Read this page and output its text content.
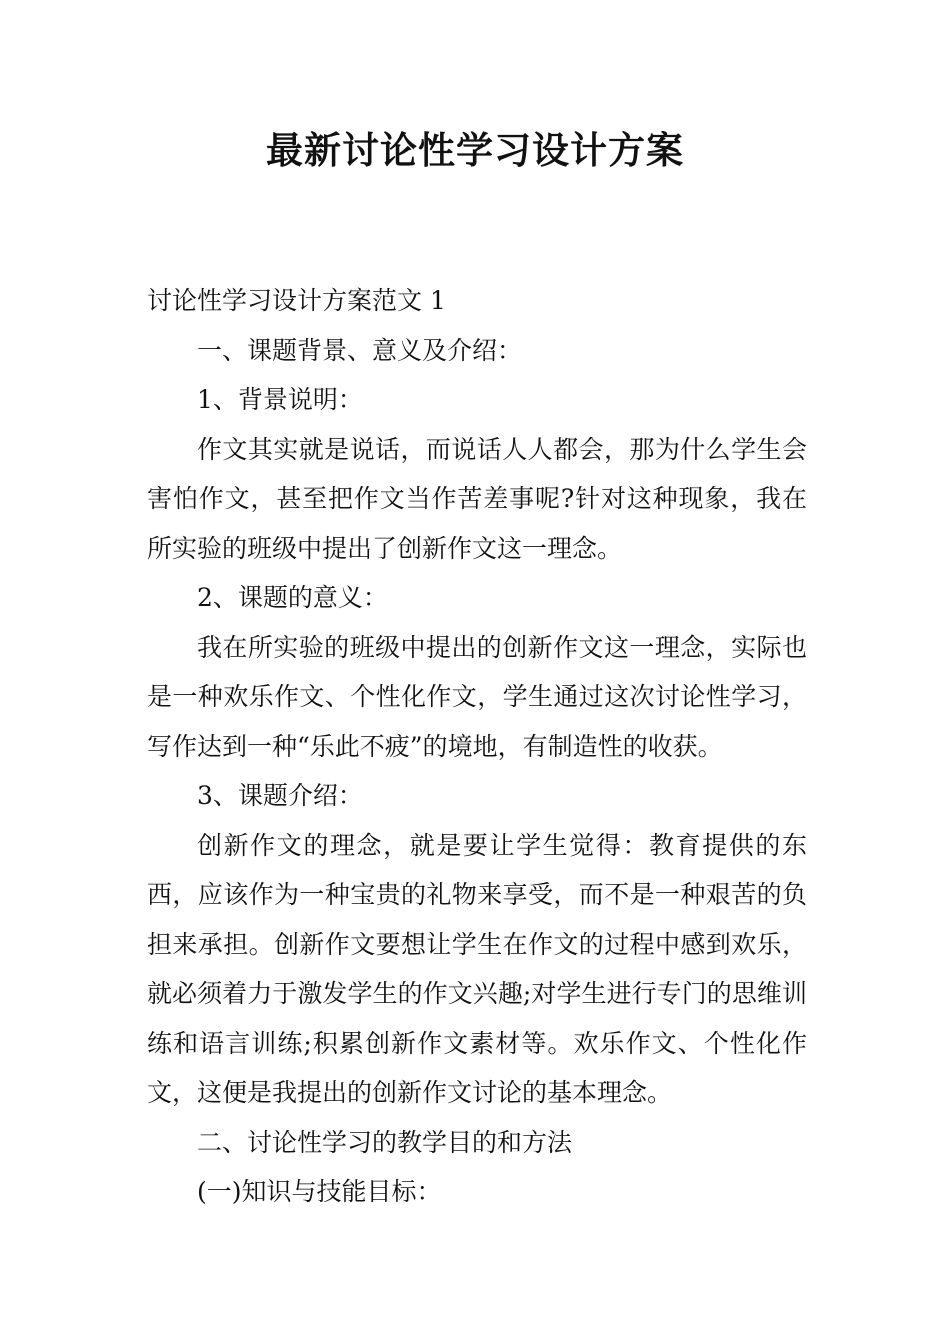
最新讨论性学习设计方案

讨论性学习设计方案范文 1

一、课题背景、意义及介绍：

1、背景说明：

作文其实就是说话，而说话人人都会，那为什么学生会害怕作文，甚至把作文当作苦差事呢?针对这种现象，我在所实验的班级中提出了创新作文这一理念。

2、课题的意义：

我在所实验的班级中提出的创新作文这一理念，实际也是一种欢乐作文、个性化作文，学生通过这次讨论性学习，写作达到一种“乐此不疲”的境地，有制造性的收获。

3、课题介绍：

创新作文的理念，就是要让学生觉得：教育提供的东西，应该作为一种宝贵的礼物来享受，而不是一种艰苦的负担来承担。创新作文要想让学生在作文的过程中感到欢乐，就必须着力于激发学生的作文兴趣;对学生进行专门的思维训练和语言训练;积累创新作文素材等。欢乐作文、个性化作文，这便是我提出的创新作文讨论的基本理念。

二、讨论性学习的教学目的和方法

(一)知识与技能目标：
